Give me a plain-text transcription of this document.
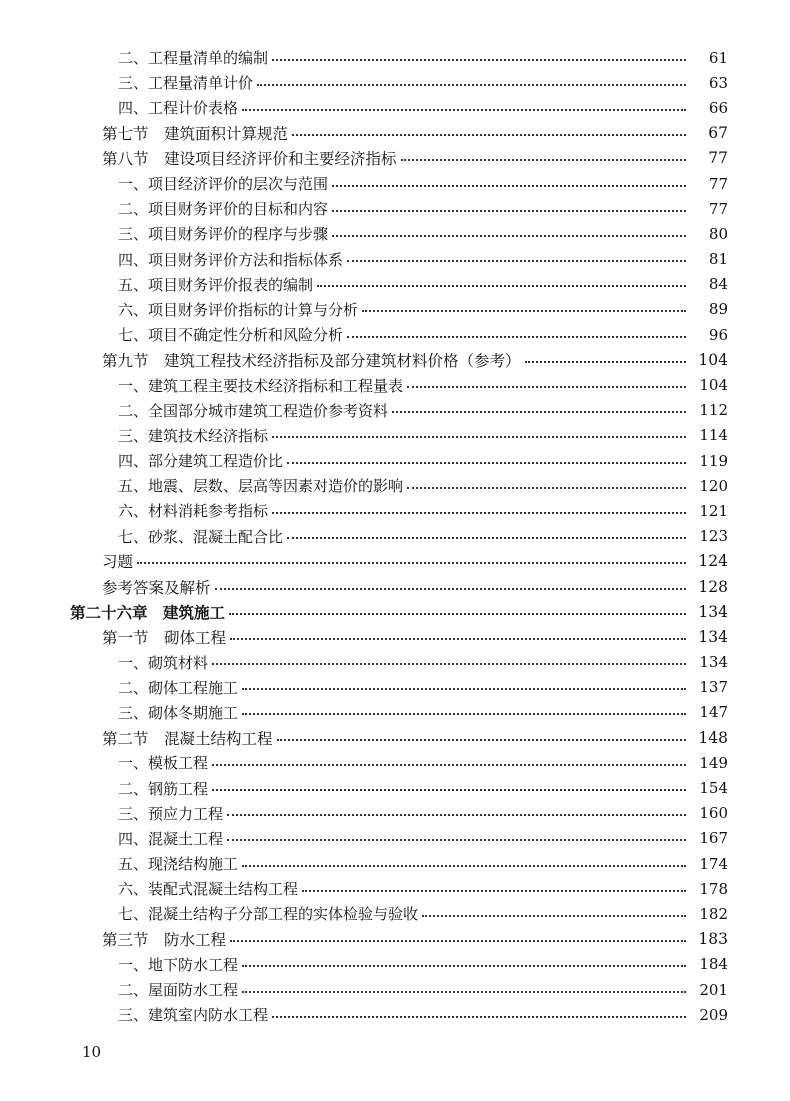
二、工程量清单的编制	61
三、工程量清单计价	63
四、工程计价表格	66
第七节　建筑面积计算规范	67
第八节　建设项目经济评价和主要经济指标	77
一、项目经济评价的层次与范围	77
二、项目财务评价的目标和内容	77
三、项目财务评价的程序与步骤	80
四、项目财务评价方法和指标体系	81
五、项目财务评价报表的编制	84
六、项目财务评价指标的计算与分析	89
七、项目不确定性分析和风险分析	96
第九节　建筑工程技术经济指标及部分建筑材料价格（参考）	104
一、建筑工程主要技术经济指标和工程量表	104
二、全国部分城市建筑工程造价参考资料	112
三、建筑技术经济指标	114
四、部分建筑工程造价比	119
五、地震、层数、层高等因素对造价的影响	120
六、材料消耗参考指标	121
七、砂浆、混凝土配合比	123
习题	124
参考答案及解析	128
第二十六章　建筑施工	134
第一节　砌体工程	134
一、砌筑材料	134
二、砌体工程施工	137
三、砌体冬期施工	147
第二节　混凝土结构工程	148
一、模板工程	149
二、钢筋工程	154
三、预应力工程	160
四、混凝土工程	167
五、现浇结构施工	174
六、装配式混凝土结构工程	178
七、混凝土结构子分部工程的实体检验与验收	182
第三节　防水工程	183
一、地下防水工程	184
二、屋面防水工程	201
三、建筑室内防水工程	209
10
